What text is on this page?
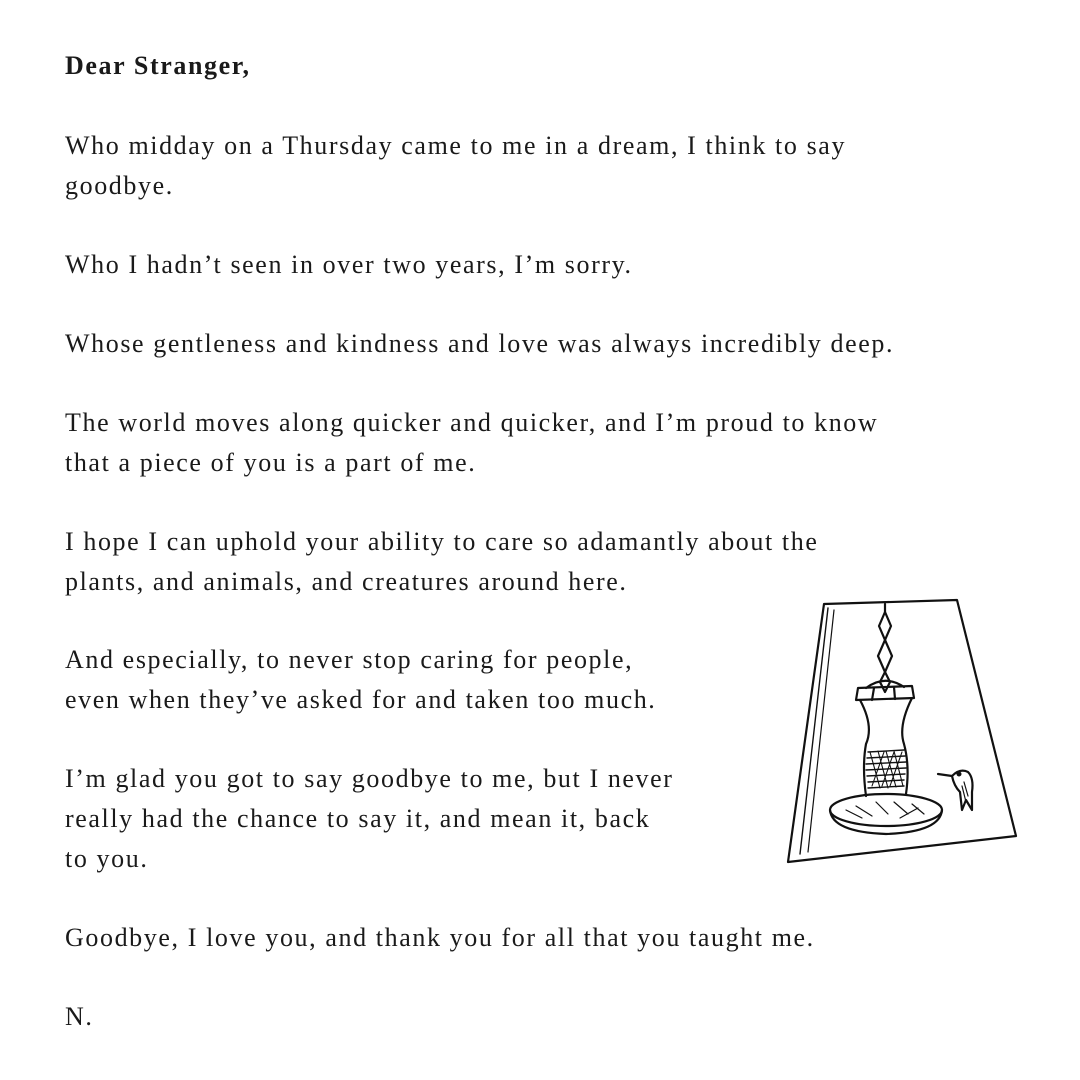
Dear Stranger,
Who midday on a Thursday came to me in a dream, I think to say
goodbye.
Who I hadn’t seen in over two years, I’m sorry.
Whose gentleness and kindness and love was always incredibly deep.
The world moves along quicker and quicker, and I’m proud to know
that a piece of you is a part of me.
I hope I can uphold your ability to care so adamantly about the
plants, and animals, and creatures around here.
And especially, to never stop caring for people,
even when they’ve asked for and taken too much.
I’m glad you got to say goodbye to me, but I never
really had the chance to say it, and mean it, back
to you.
Goodbye, I love you, and thank you for all that you taught me.
N.
